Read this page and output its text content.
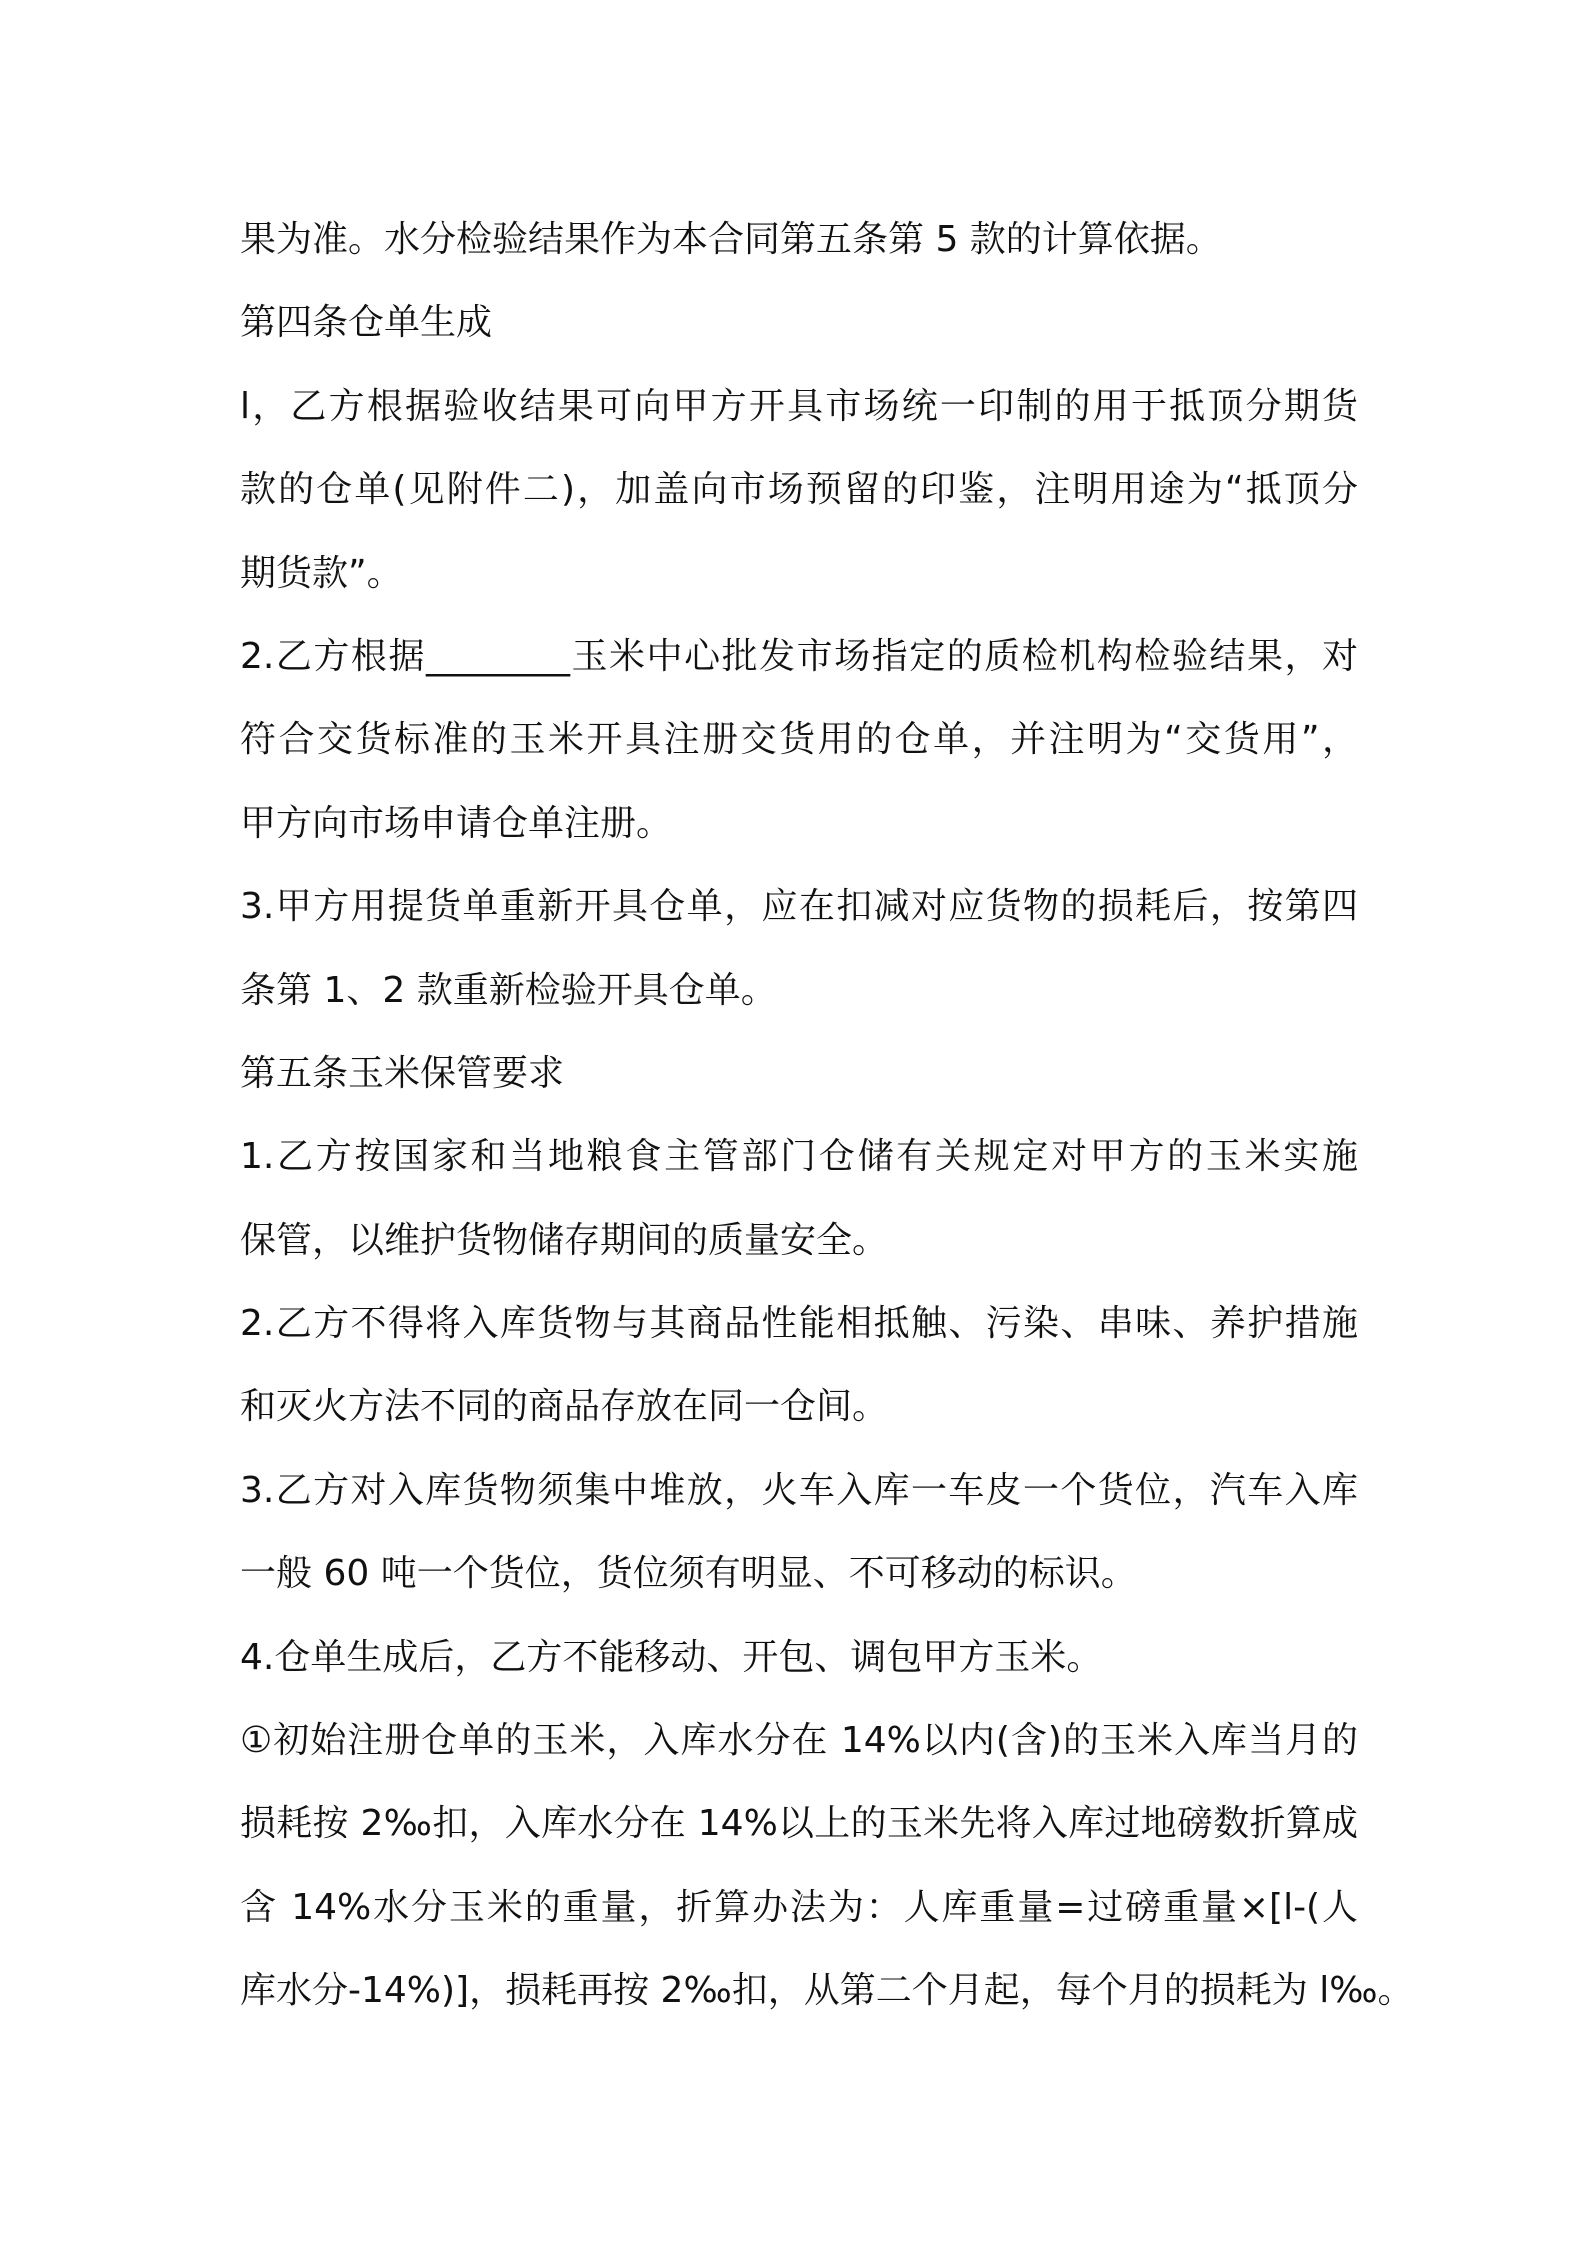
果为准。水分检验结果作为本合同第五条第 5 款的计算依据。
第四条仓单生成
l，乙方根据验收结果可向甲方开具市场统一印制的用于抵顶分期货
款的仓单(见附件二)，加盖向市场预留的印鉴，注明用途为“抵顶分
期货款”。
2.乙方根据________玉米中心批发市场指定的质检机构检验结果，对
符合交货标准的玉米开具注册交货用的仓单，并注明为“交货用”，
甲方向市场申请仓单注册。
3.甲方用提货单重新开具仓单，应在扣减对应货物的损耗后，按第四
条第 1、2 款重新检验开具仓单。
第五条玉米保管要求
1.乙方按国家和当地粮食主管部门仓储有关规定对甲方的玉米实施
保管，以维护货物储存期间的质量安全。
2.乙方不得将入库货物与其商品性能相抵触、污染、串味、养护措施
和灭火方法不同的商品存放在同一仓间。
3.乙方对入库货物须集中堆放，火车入库一车皮一个货位，汽车入库
一般 60 吨一个货位，货位须有明显、不可移动的标识。
4.仓单生成后，乙方不能移动、开包、调包甲方玉米。
①初始注册仓单的玉米，入库水分在 14%以内(含)的玉米入库当月的
损耗按 2‰扣，入库水分在 14%以上的玉米先将入库过地磅数折算成
含 14%水分玉米的重量，折算办法为：人库重量=过磅重量×[l-(人
库水分-14%)]，损耗再按 2‰扣，从第二个月起，每个月的损耗为 l‰。
